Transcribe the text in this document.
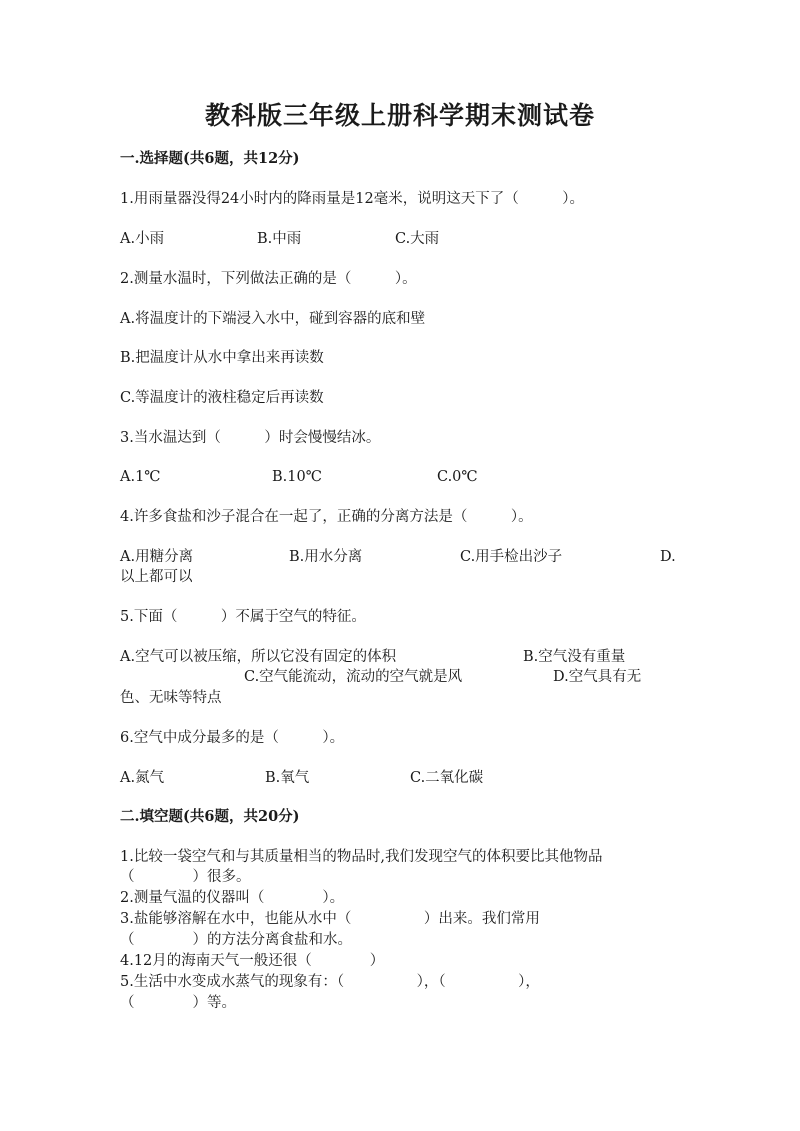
教科版三年级上册科学期末测试卷
一.选择题(共6题，共12分)
1.用雨量器没得24小时内的降雨量是12毫米，说明这天下了（　　　）。
A.小雨	B.中雨	C.大雨
2.测量水温时，下列做法正确的是（　　　）。
A.将温度计的下端浸入水中，碰到容器的底和壁
B.把温度计从水中拿出来再读数
C.等温度计的液柱稳定后再读数
3.当水温达到（　　　）时会慢慢结冰。
A.1℃	B.10℃	C.0℃
4.许多食盐和沙子混合在一起了，正确的分离方法是（　　　）。
A.用糖分离	B.用水分离	C.用手检出沙子	D.
以上都可以
5.下面（　　　）不属于空气的特征。
A.空气可以被压缩，所以它没有固定的体积	B.空气没有重量
C.空气能流动，流动的空气就是风	D.空气具有无
色、无味等特点
6.空气中成分最多的是（　　　）。
A.氮气	B.氧气	C.二氧化碳
二.填空题(共6题，共20分)
1.比较一袋空气和与其质量相当的物品时,我们发现空气的体积要比其他物品
（　　　　）很多。
2.测量气温的仪器叫（　　　　）。
3.盐能够溶解在水中，也能从水中（　　　　　）出来。我们常用
（　　　　）的方法分离食盐和水。
4.12月的海南天气一般还很（　　　　）
5.生活中水变成水蒸气的现象有：（　　　　　），（　　　　　），
（　　　　）等。
